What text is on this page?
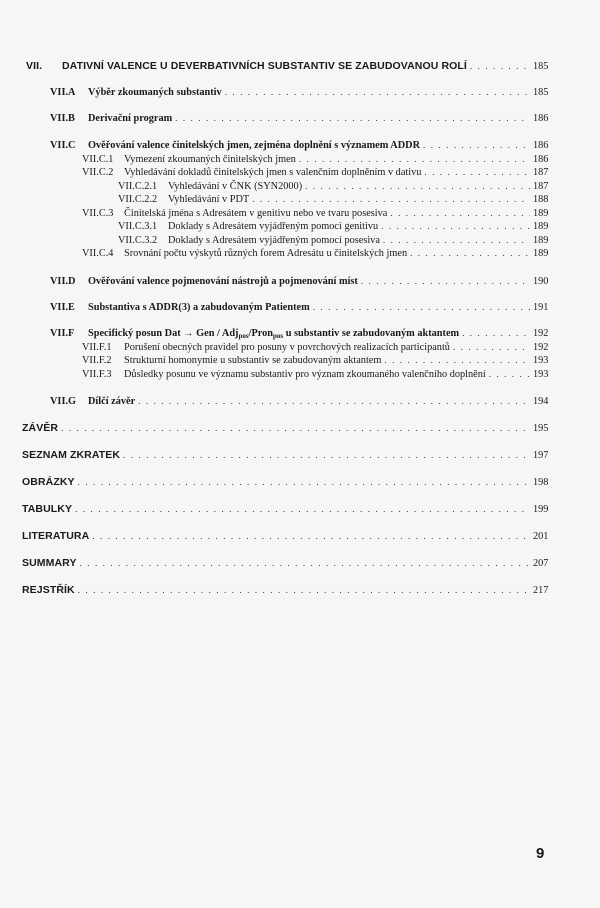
VII.	DATIVNÍ VALENCE U DEVERBATIVNÍCH SUBSTANTIV SE ZABUDOVANOU ROLÍ . . .	185
VII.A	Výběr zkoumaných substantiv . . .	185
VII.B	Derivační program . . .	186
VII.C	Ověřování valence činitelských jmen, zejména doplnění s významem ADDR . . .	186
VII.C.1	Vymezení zkoumaných činitelských jmen . . .	186
VII.C.2	Vyhledávání dokladů činitelských jmen s valenčním doplněním v dativu . . .	187
VII.C.2.1	Vyhledávání v ČNK (SYN2000) . . .	187
VII.C.2.2	Vyhledávání v PDT . . .	188
VII.C.3	Činitelská jména s Adresátem v genitivu nebo ve tvaru posesiva . . .	189
VII.C.3.1	Doklady s Adresátem vyjádřeným pomocí genitivu . . .	189
VII.C.3.2	Doklady s Adresátem vyjádřeným pomocí posesiva . . .	189
VII.C.4	Srovnání počtu výskytů různých forem Adresátu u činitelských jmen . . .	189
VII.D	Ověřování valence pojmenování nástrojů a pojmenování míst . . .	190
VII.E	Substantiva s ADDR(3) a zabudovaným Patientem . . .	191
VII.F	Specifický posun Dat → Gen / Adj$_{pos}$/Pron$_{pos}$ u substantiv se zabudovaným aktantem . . .	192
VII.F.1	Porušení obecných pravidel pro posuny v povrchových realizacích participantů . . .	192
VII.F.2	Strukturní homonymie u substantiv se zabudovaným aktantem . . .	193
VII.F.3	Důsledky posunu ve významu substantiv pro význam zkoumaného valenčního doplnění . . .	193
VII.G	Dílčí závěr . . .	194
ZÁVĚR . . .	195
SEZNAM ZKRATEK . . .	197
OBRÁZKY . . .	198
TABULKY . . .	199
LITERATURA . . .	201
SUMMARY . . .	207
REJSTŘÍK . . .	217
9
